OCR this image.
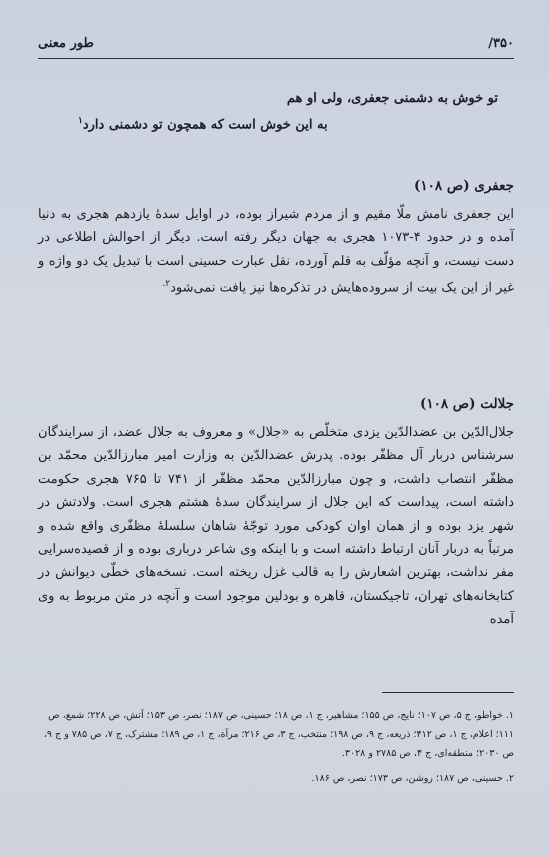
۳۵۰/
طور معنی
تو خوش به دشمنی جعفری، ولی او هم
به این خوش است که همچون تو دشمنی دارد$^۱$
جعفری (ص ۱۰۸)
این جعفری نامش ملّا مقیم و از مردم شیراز بوده، در اوایل سدهٔ یازدهم هجری به دنیا آمده و در حدود ۴-۱۰۷۳ هجری به جهان دیگر رفته است. دیگر از احوالش اطلاعی در دست نیست، و آنچه مؤلّف به قلم آورده، نقل عبارت حسینی است با تبدیل یک دو واژه و غیر از این یک بیت از سروده‌هایش در تذکره‌ها نیز یافت نمی‌شود$^{۲.}$
جلالت (ص ۱۰۸)
جلال‌الدّین بن عضدالدّین یزدی متخلّص به «جلال» و معروف به جلال عضد، از سرایندگان سرشناس دربار آل مظفّر بوده. پدرش عضدالدّین به وزارت امیر مبارزالدّین محمّد بن مظفّر انتصاب داشت، و چون مبارزالدّین محمّد مظفّر از ۷۴۱ تا ۷۶۵ هجری حکومت داشته است، پیداست که این جلال از سرایندگان سدهٔ هشتم هجری است. ولادتش در شهر یزد بوده و از همان اوان کودکی مورد توجّهٔ شاهان سلسلهٔ مظفّری واقع شده و مرتباً به دربار آنان ارتباط داشته است و با اینکه وی شاعر درباری بوده و از قصیده‌سرایی مفر نداشت، بهترین اشعارش را به قالب غزل ریخته است. نسخه‌های خطّی دیوانش در کتابخانه‌های تهران، تاجیکستان، قاهره و بودلین موجود است و آنچه در متن مربوط به وی آمده

۱. خواطو، ج ۵، ص ۱۰۷؛ نایج، ص ۱۵۵؛ مشاهیر، ج ۱، ص ۱۸؛ حسینی، ص ۱۸۷؛ نصر، ص ۱۵۳؛ آتش، ص ۲۲۸؛ شمع، ص ۱۱۱؛ اعلام، ج ۱، ص ۴۱۲؛ ذریعه، ج ۹، ص ۱۹۸؛ منتخب، ج ۳، ص ۲۱۶؛ مرآة، ج ۱، ص ۱۸۹؛ مشترک، ج ۷، ص ۷۸۵ و ج ۹، ص ۲۰۳۰؛ منطقه‌ای، ج ۴، ص ۲۷۸۵ و ۳۰۲۸.

۲. حسینی، ص ۱۸۷؛ روشن، ص ۱۷۳؛ نصر، ص ۱۸۶.
